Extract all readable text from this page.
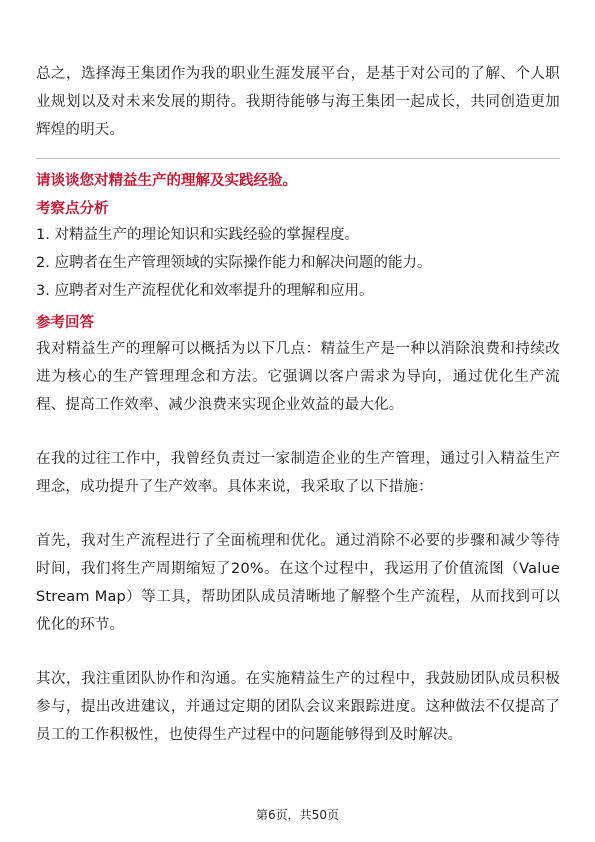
总之，选择海王集团作为我的职业生涯发展平台，是基于对公司的了解、个人职业规划以及对未来发展的期待。我期待能够与海王集团一起成长，共同创造更加辉煌的明天。

请谈谈您对精益生产的理解及实践经验。
考察点分析
1. 对精益生产的理论知识和实践经验的掌握程度。
2. 应聘者在生产管理领域的实际操作能力和解决问题的能力。
3. 应聘者对生产流程优化和效率提升的理解和应用。
参考回答

我对精益生产的理解可以概括为以下几点：精益生产是一种以消除浪费和持续改进为核心的生产管理理念和方法。它强调以客户需求为导向，通过优化生产流程、提高工作效率、减少浪费来实现企业效益的最大化。

在我的过往工作中，我曾经负责过一家制造企业的生产管理，通过引入精益生产理念，成功提升了生产效率。具体来说，我采取了以下措施：

首先，我对生产流程进行了全面梳理和优化。通过消除不必要的步骤和减少等待时间，我们将生产周期缩短了20%。在这个过程中，我运用了价值流图（Value Stream Map）等工具，帮助团队成员清晰地了解整个生产流程，从而找到可以优化的环节。

其次，我注重团队协作和沟通。在实施精益生产的过程中，我鼓励团队成员积极参与，提出改进建议，并通过定期的团队会议来跟踪进度。这种做法不仅提高了员工的工作积极性，也使得生产过程中的问题能够得到及时解决。

第6页，共50页
